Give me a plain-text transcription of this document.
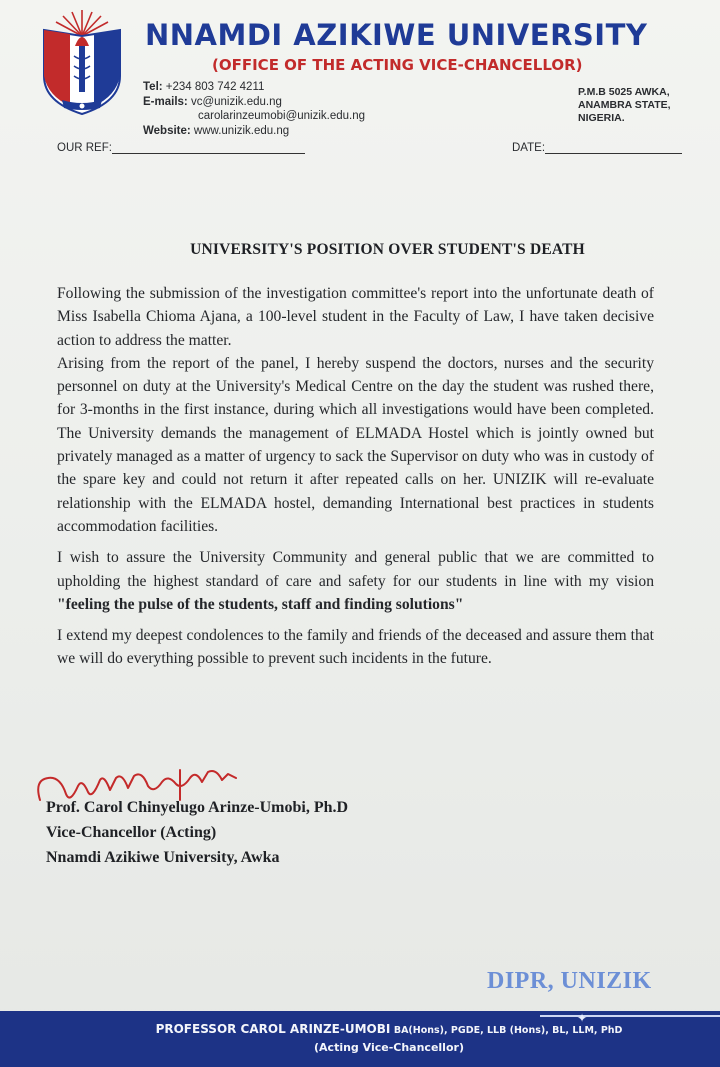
NNAMDI AZIKIWE UNIVERSITY
(OFFICE OF THE ACTING VICE-CHANCELLOR)
Tel: +234 803 742 4211
E-mails: vc@unizik.edu.ng
carolarinzeumobi@unizik.edu.ng
Website: www.unizik.edu.ng
P.M.B 5025 AWKA,
ANAMBRA STATE,
NIGERIA.
OUR REF:	DATE:
UNIVERSITY'S POSITION OVER STUDENT'S DEATH

Following the submission of the investigation committee's report into the unfortunate death of Miss Isabella Chioma Ajana, a 100-level student in the Faculty of Law, I have taken decisive action to address the matter.

Arising from the report of the panel, I hereby suspend the doctors, nurses and the security personnel on duty at the University's Medical Centre on the day the student was rushed there, for 3-months in the first instance, during which all investigations would have been completed. The University demands the management of ELMADA Hostel which is jointly owned but privately managed as a matter of urgency to sack the Supervisor on duty who was in custody of the spare key and could not return it after repeated calls on her. UNIZIK will re-evaluate relationship with the ELMADA hostel, demanding International best practices in students accommodation facilities.

I wish to assure the University Community and general public that we are committed to upholding the highest standard of care and safety for our students in line with my vision "feeling the pulse of the students, staff and finding solutions"

I extend my deepest condolences to the family and friends of the deceased and assure them that we will do everything possible to prevent such incidents in the future.

Prof. Carol Chinyelugo Arinze-Umobi, Ph.D
Vice-Chancellor (Acting)
Nnamdi Azikiwe University, Awka
DIPR, UNIZIK
✦
PROFESSOR CAROL ARINZE-UMOBI BA(Hons), PGDE, LLB (Hons), BL, LLM, PhD
(Acting Vice-Chancellor)
